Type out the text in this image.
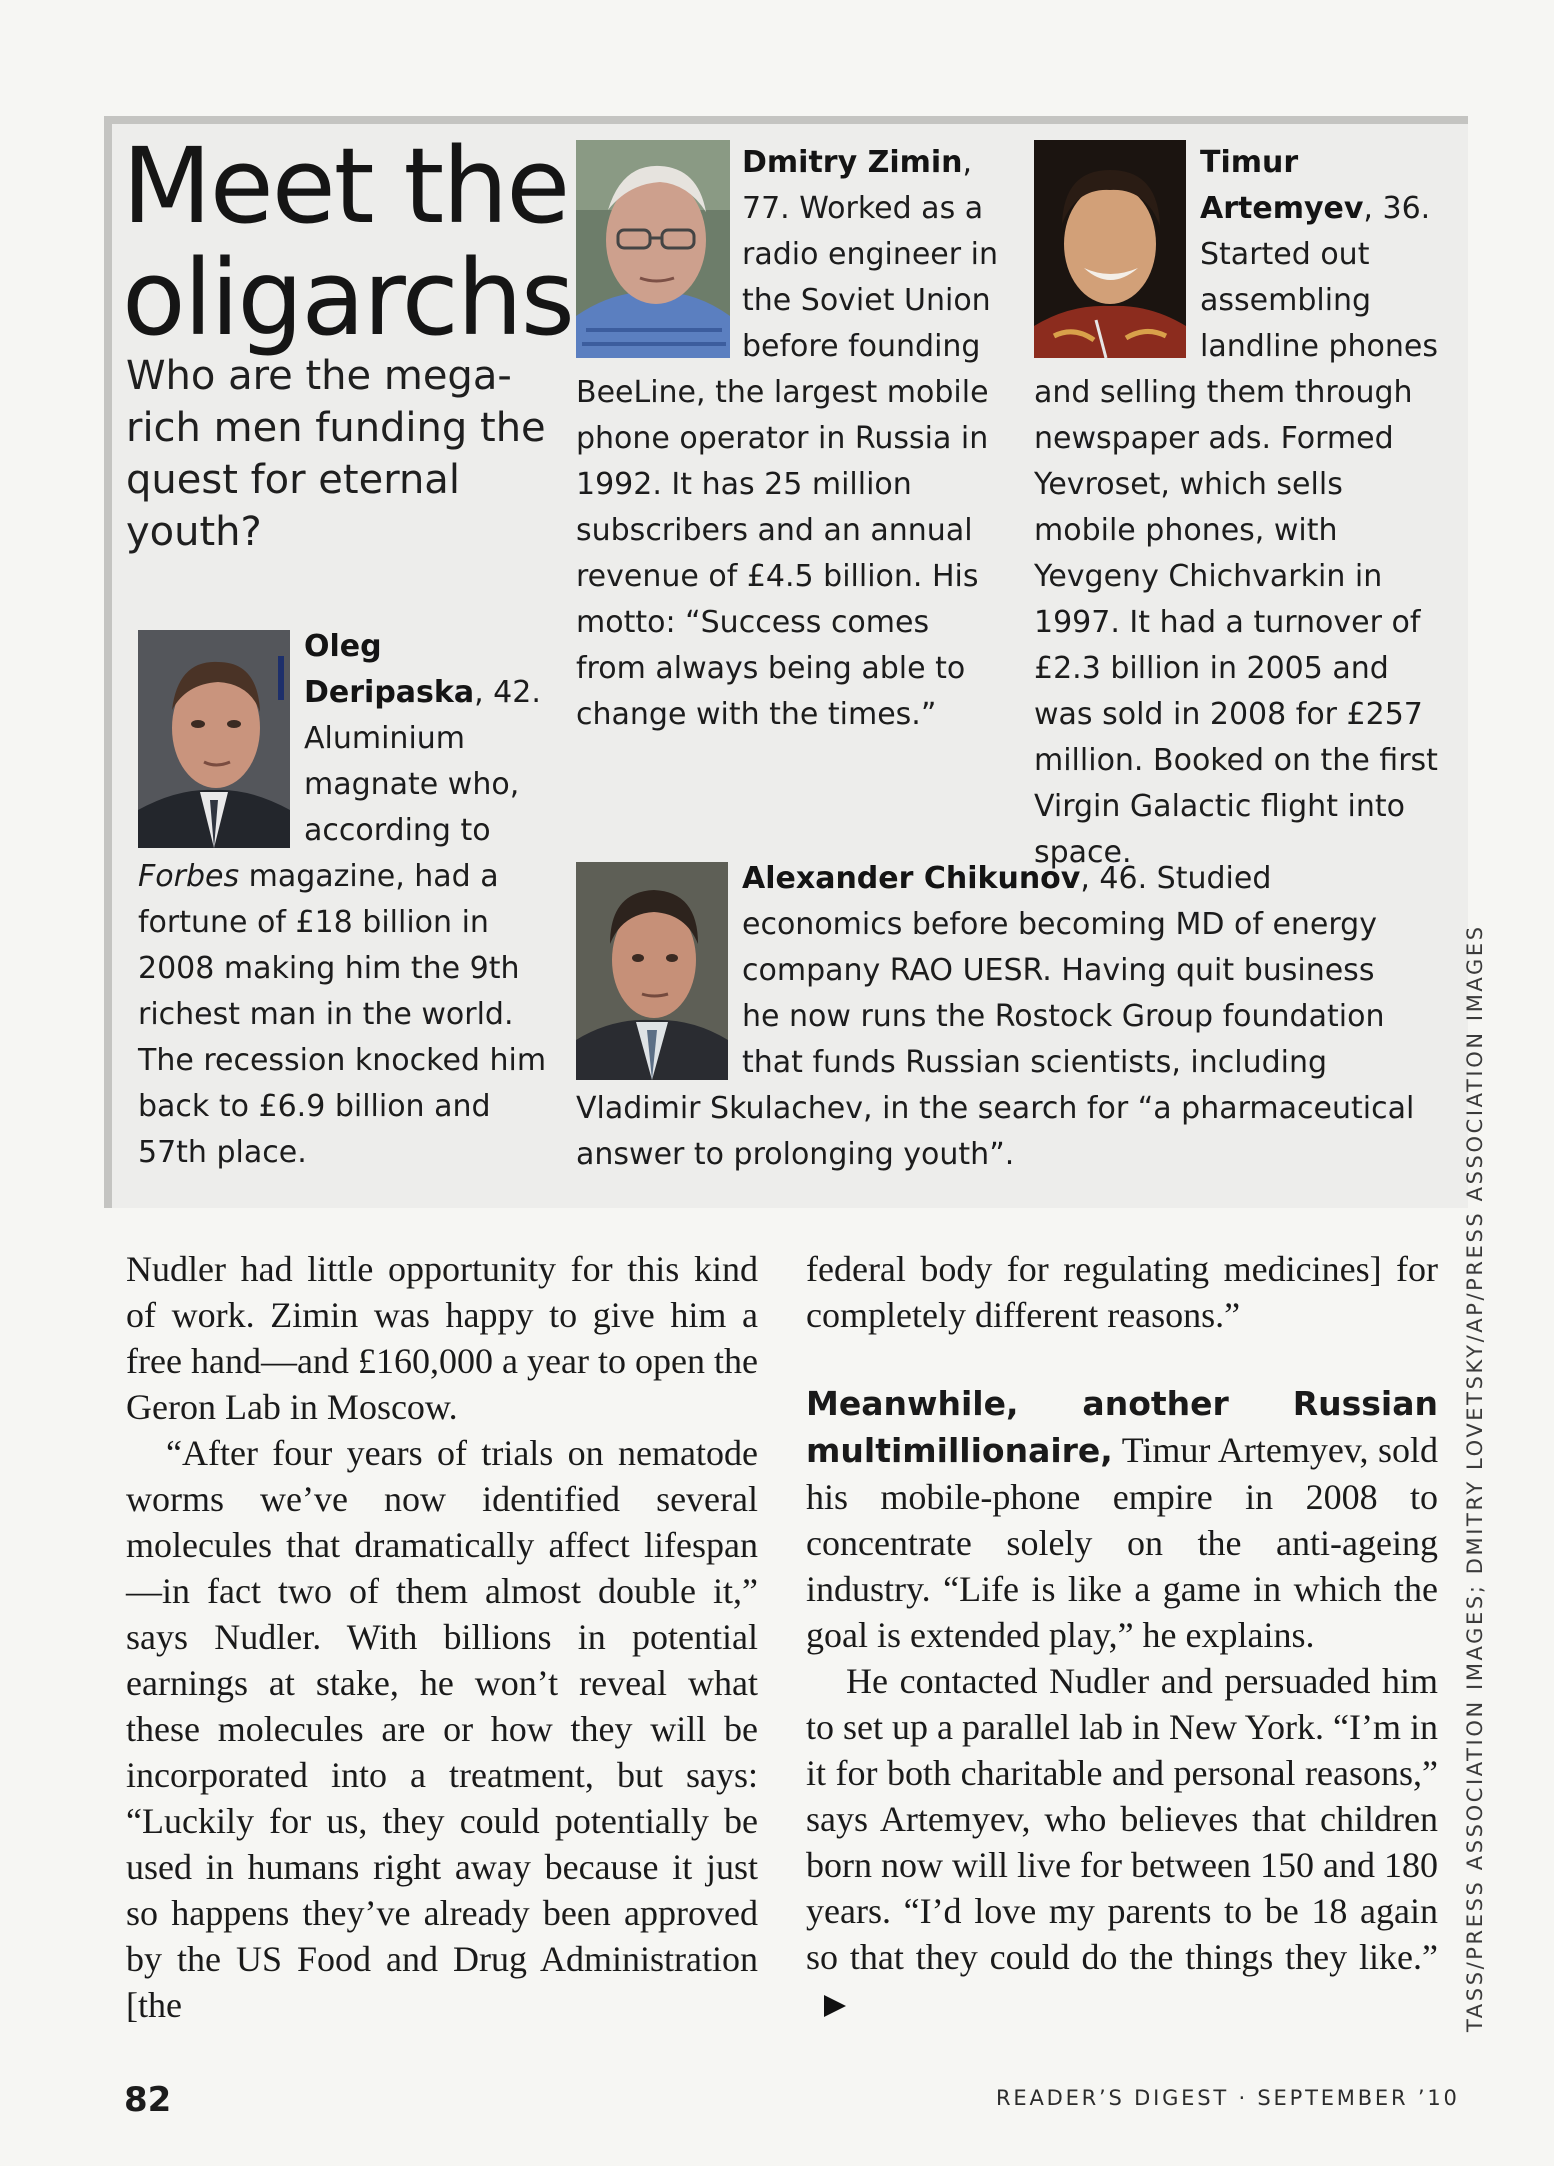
Meet the
oligarchs
Who are the mega-rich men funding the quest for eternal youth?
Oleg Deripaska, 42. Aluminium magnate who, according to Forbes magazine, had a fortune of £18 billion in 2008 making him the 9th richest man in the world. The recession knocked him back to £6.9 billion and 57th place.
Dmitry Zimin, 77. Worked as a radio engineer in the Soviet Union before founding BeeLine, the largest mobile phone operator in Russia in 1992. It has 25 million subscribers and an annual revenue of £4.5 billion. His motto: “Success comes from always being able to change with the times.”
Timur Artemyev, 36. Started out assembling landline phones and selling them through newspaper ads. Formed Yevroset, which sells mobile phones, with Yevgeny Chichvarkin in 1997. It had a turnover of £2.3 billion in 2005 and was sold in 2008 for £257 million. Booked on the first Virgin Galactic flight into space.
Alexander Chikunov, 46. Studied economics before becoming MD of energy company RAO UESR. Having quit business he now runs the Rostock Group foundation that funds Russian scientists, including Vladimir Skulachev, in the search for “a pharmaceutical answer to prolonging youth”.

Nudler had little opportunity for this kind of work. Zimin was happy to give him a free hand—and £160,000 a year to open the Geron Lab in Moscow.

“After four years of trials on nematode worms we’ve now identified several molecules that dramatically affect lifespan—in fact two of them almost double it,” says Nudler. With billions in potential earnings at stake, he won’t reveal what these molecules are or how they will be incorporated into a treatment, but says: “Luckily for us, they could potentially be used in humans right away because it just so happens they’ve already been approved by the US Food and Drug Administration [the

federal body for regulating medicines] for completely different reasons.”

Meanwhile, another Russian multimillionaire, Timur Artemyev, sold his mobile-phone empire in 2008 to concentrate solely on the anti-ageing industry. “Life is like a game in which the goal is extended play,” he explains.

He contacted Nudler and persuaded him to set up a parallel lab in New York. “I’m in it for both charitable and personal reasons,” says Artemyev, who believes that children born now will live for between 150 and 180 years. “I’d love my parents to be 18 again so that they could do the things they like.” TASS/PRESS ASSOCIATION IMAGES; DMITRY LOVETSKY/AP/PRESS ASSOCIATION IMAGES
82	READER’S DIGEST · SEPTEMBER ’10
